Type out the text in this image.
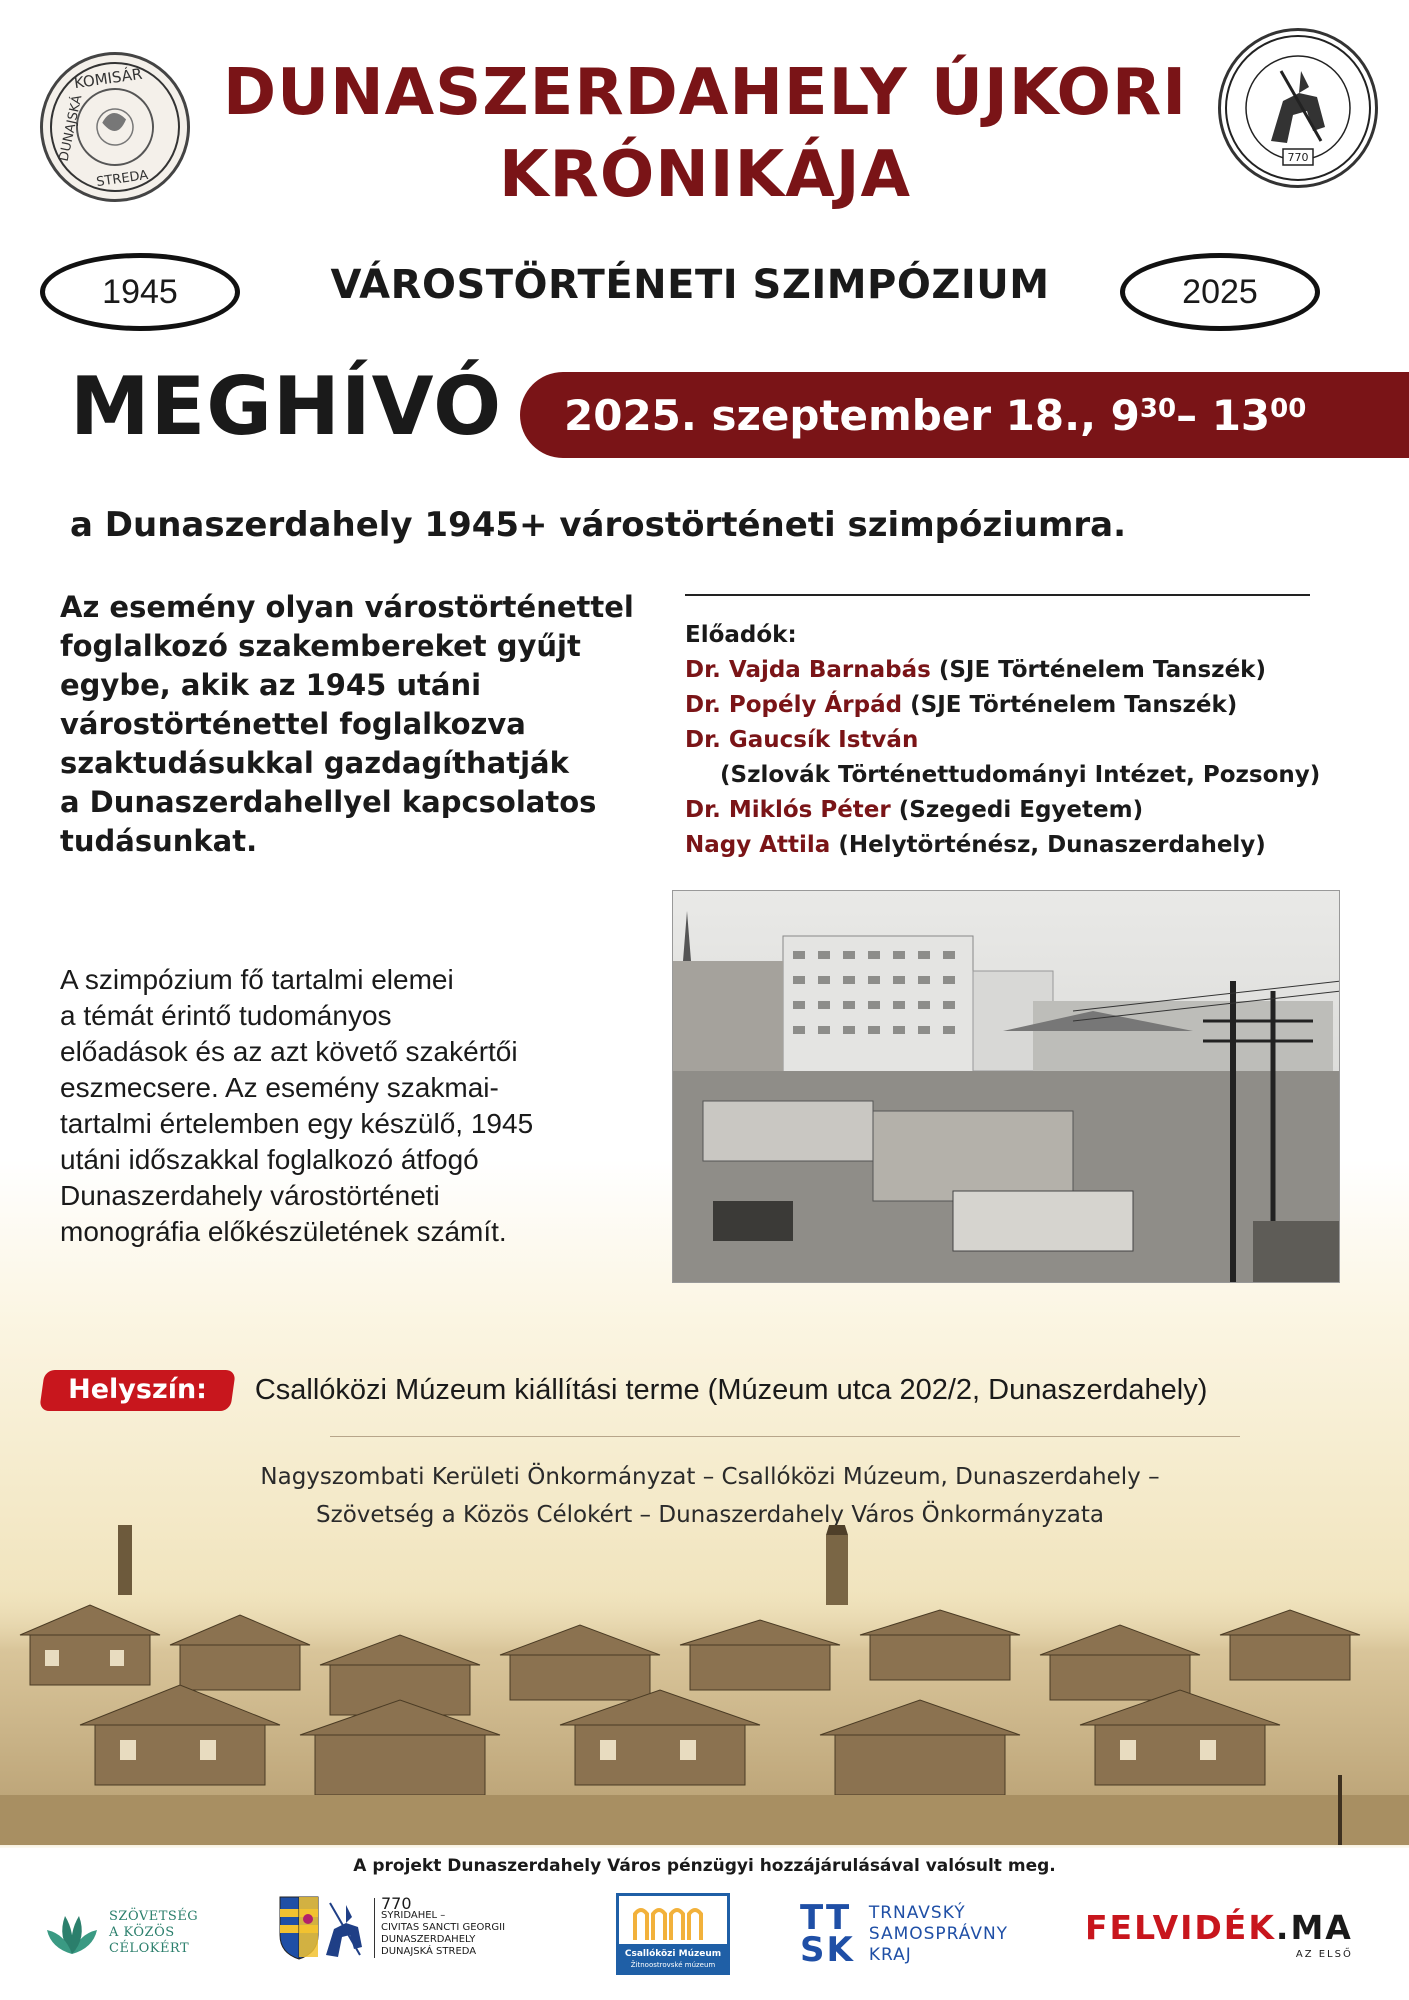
KOMISÁR
DUNAJSKÁ
STREDA
770
DUNASZERDAHELY ÚJKORI
KRÓNIKÁJA
1945	VÁROSTÖRTÉNETI SZIMPÓZIUM	2025
MEGHÍVÓ 2025. szeptember 18., $9^{30} - 13^{00}$
a Dunaszerdahely 1945+ várostörténeti szimpóziumra.

Az esemény olyan várostörténettel

foglalkozó szakembereket gyűjt

egybe, akik az 1945 utáni

várostörténettel foglalkozva

szaktudásukkal gazdagíthatják

a Dunaszerdahellyel kapcsolatos

tudásunkat.

Előadók:
Dr. Vajda Barnabás (SJE Történelem Tanszék)
Dr. Popély Árpád (SJE Történelem Tanszék)
Dr. Gaucsík István
(Szlovák Történettudományi Intézet, Pozsony)
Dr. Miklós Péter (Szegedi Egyetem)
Nagy Attila (Helytörténész, Dunaszerdahely)

A szimpózium fő tartalmi elemei

a témát érintő tudományos

előadások és az azt követő szakértői

eszmecsere. Az esemény szakmai-

tartalmi értelemben egy készülő, 1945

utáni időszakkal foglalkozó átfogó

Dunaszerdahely várostörténeti

monográfia előkészületének számít.

Helyszín:	Csallóközi Múzeum kiállítási terme (Múzeum utca 202/2, Dunaszerdahely)
Nagyszombati Kerületi Önkormányzat – Csallóközi Múzeum, Dunaszerdahely –
Szövetség a Közös Célokért – Dunaszerdahely Város Önkormányzata
A projekt Dunaszerdahely Város pénzügyi hozzájárulásával valósult meg.
SZÖVETSÉG
A KÖZÖS
CÉLOKÉRT
770
SYRIDAHEL –
CIVITAS SANCTI GEORGII
DUNASZERDAHELY
DUNAJSKÁ STREDA	Csallóközi Múzeum
Žitnoostrovské múzeum
TT
SK
TRNAVSKÝ
SAMOSPRÁVNY
KRAJ
FELVIDÉK.MA
AZ ELSŐ
